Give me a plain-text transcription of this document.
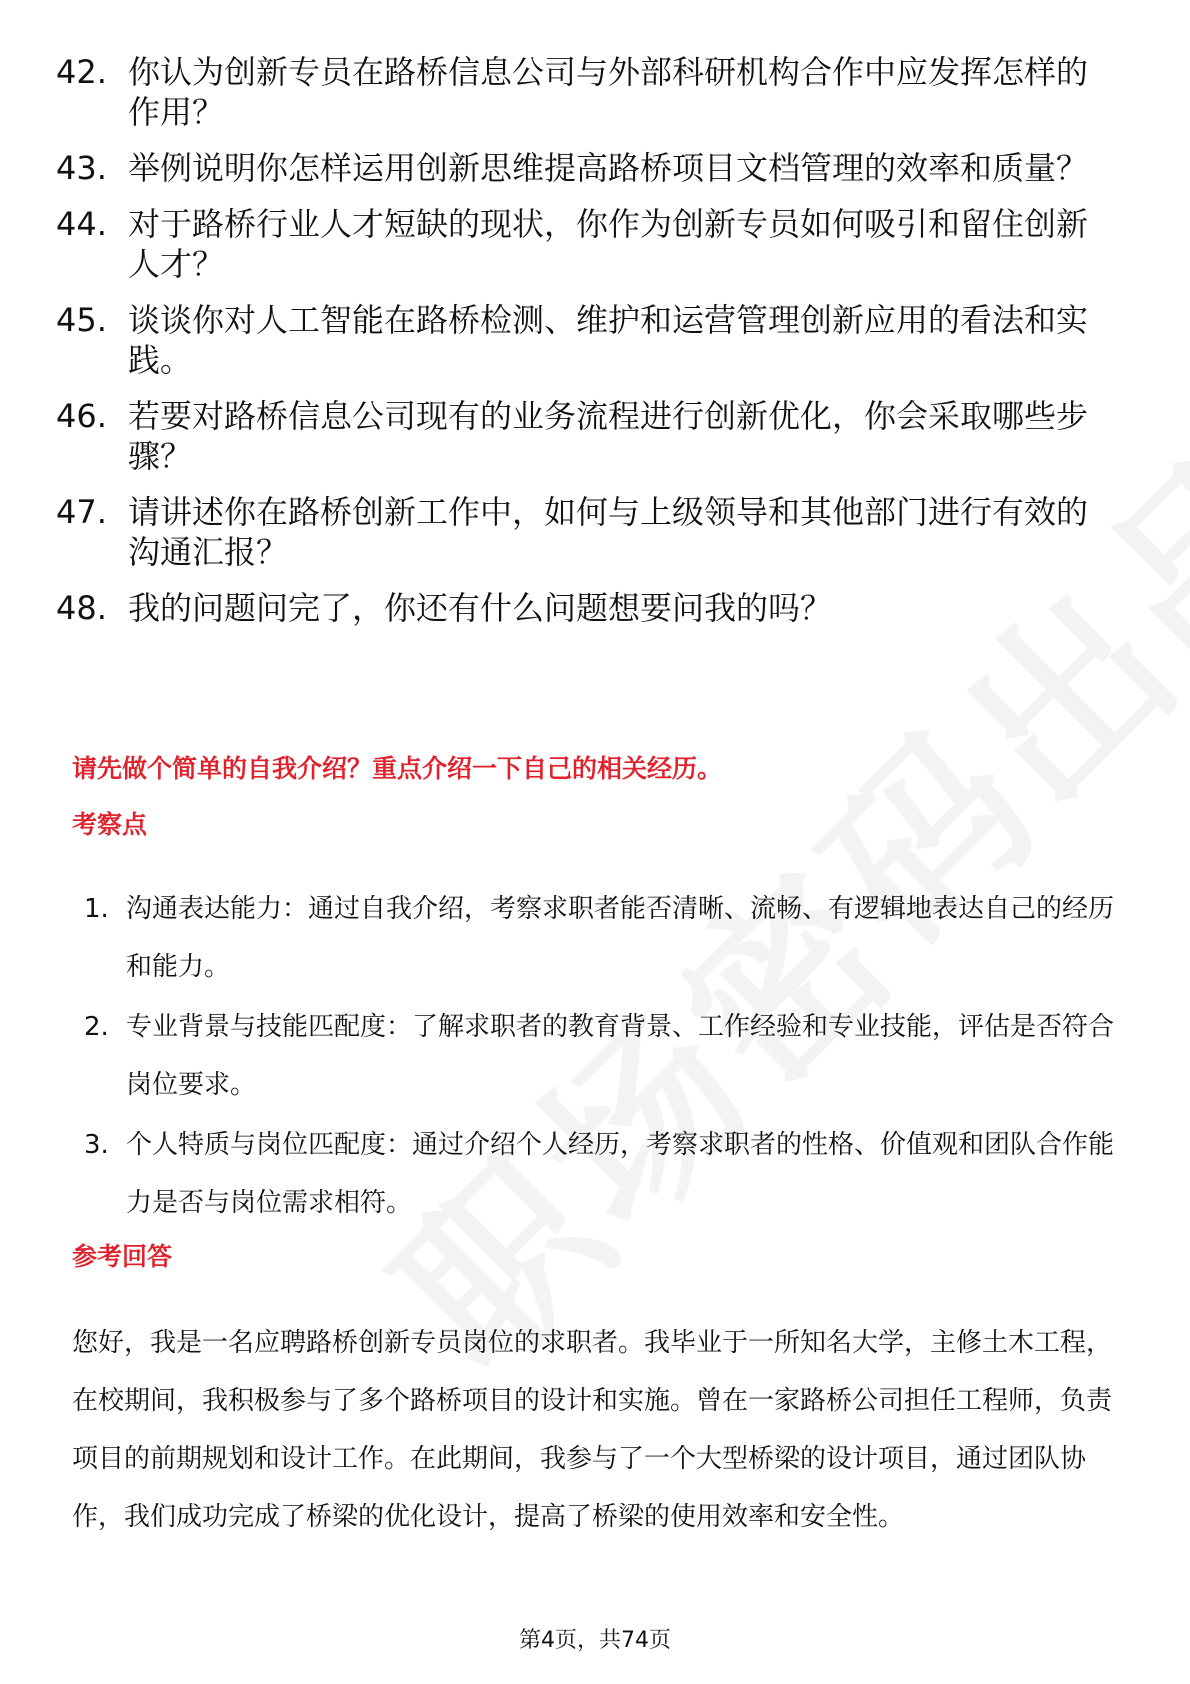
42. 你认为创新专员在路桥信息公司与外部科研机构合作中应发挥怎样的作用？
43. 举例说明你怎样运用创新思维提高路桥项目文档管理的效率和质量？
44. 对于路桥行业人才短缺的现状，你作为创新专员如何吸引和留住创新人才？
45. 谈谈你对人工智能在路桥检测、维护和运营管理创新应用的看法和实践。
46. 若要对路桥信息公司现有的业务流程进行创新优化，你会采取哪些步骤？
47. 请讲述你在路桥创新工作中，如何与上级领导和其他部门进行有效的沟通汇报？
48. 我的问题问完了，你还有什么问题想要问我的吗？
请先做个简单的自我介绍？重点介绍一下自己的相关经历。
考察点
1. 沟通表达能力：通过自我介绍，考察求职者能否清晰、流畅、有逻辑地表达自己的经历和能力。
2. 专业背景与技能匹配度：了解求职者的教育背景、工作经验和专业技能，评估是否符合岗位要求。
3. 个人特质与岗位匹配度：通过介绍个人经历，考察求职者的性格、价值观和团队合作能力是否与岗位需求相符。
参考回答

您好，我是一名应聘路桥创新专员岗位的求职者。我毕业于一所知名大学，主修土木工程，在校期间，我积极参与了多个路桥项目的设计和实施。曾在一家路桥公司担任工程师，负责项目的前期规划和设计工作。在此期间，我参与了一个大型桥梁的设计项目，通过团队协作，我们成功完成了桥梁的优化设计，提高了桥梁的使用效率和安全性。

第4页，共74页
